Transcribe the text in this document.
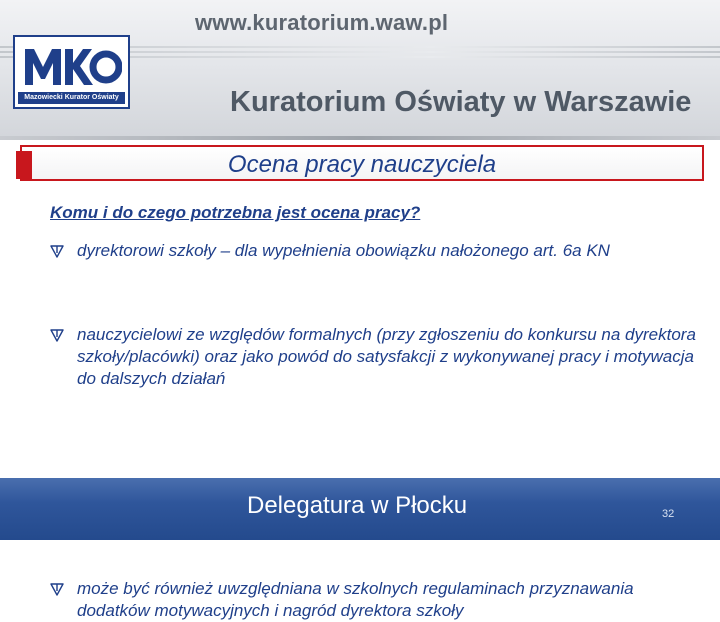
www.kuratorium.waw.pl
Mazowiecki Kurator Oświaty	Kuratorium Oświaty w Warszawie
Ocena pracy nauczyciela
Komu i do czego potrzebna jest ocena pracy?
dyrektorowi szkoły – dla wypełnienia obowiązku nałożonego art. 6a KN
nauczycielowi ze względów formalnych (przy zgłoszeniu do konkursu na dyrektora szkoły/placówki) oraz jako powód do satysfakcji z wykonywanej pracy i motywacja do dalszych działań
może być również uwzględniana w szkolnych regulaminach przyznawania dodatków motywacyjnych i nagród dyrektora szkoły
Delegatura w Płocku	32
